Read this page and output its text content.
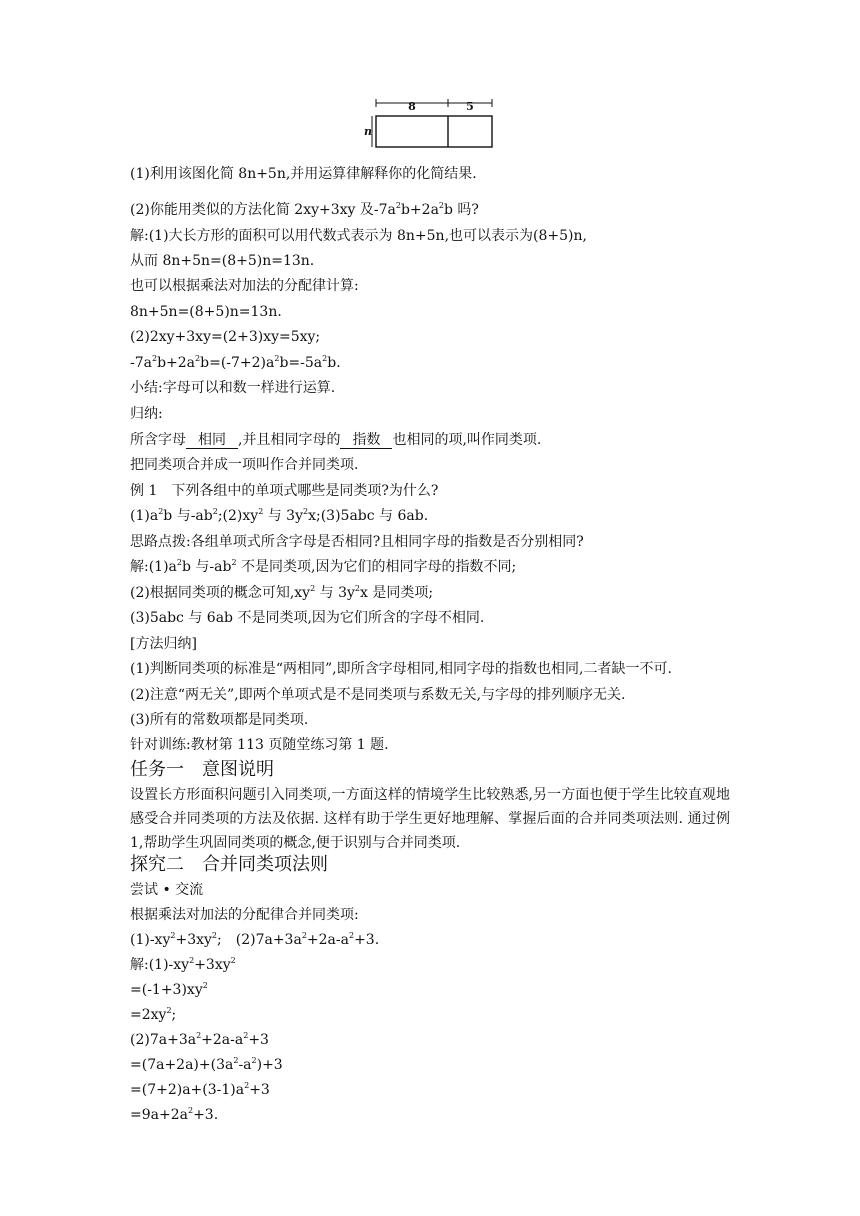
8	5
n
(1)利用该图化简 8n+5n,并用运算律解释你的化简结果.
(2)你能用类似的方法化简 2xy+3xy 及$-7a^2b+2a^2b$ 吗?
解:(1)大长方形的面积可以用代数式表示为 8n+5n,也可以表示为(8+5)n,
从而 8n+5n=(8+5)n=13n.
也可以根据乘法对加法的分配律计算:
8n+5n=(8+5)n=13n.
(2)2xy+3xy=(2+3)xy=5xy;
$-7a^2b+2a^2b=(-7+2)a^2b=-5a^2b$.
小结:字母可以和数一样进行运算.
归纳:
所含字母 相同 ,并且相同字母的 指数 也相同的项,叫作同类项.
把同类项合并成一项叫作合并同类项.
例 1　下列各组中的单项式哪些是同类项?为什么?
$(1)a^2b$ 与$-ab^2;(2)xy^2$ 与 $3y^2x;(3)5abc$ 与 6ab.
思路点拨:各组单项式所含字母是否相同?且相同字母的指数是否分别相同?
解$:(1)a^2b$ 与$-ab^2$ 不是同类项,因为它们的相同字母的指数不同;
(2)根据同类项的概念可知$,xy^2$ 与 $3y^2x$ 是同类项;
(3)5abc 与 6ab 不是同类项,因为它们所含的字母不相同.
[方法归纳]
(1)判断同类项的标准是“两相同”,即所含字母相同,相同字母的指数也相同,二者缺一不可.
(2)注意“两无关”,即两个单项式是不是同类项与系数无关,与字母的排列顺序无关.
(3)所有的常数项都是同类项.
针对训练:教材第 113 页随堂练习第 1 题.
任务一　意图说明
设置长方形面积问题引入同类项,一方面这样的情境学生比较熟悉,另一方面也便于学生比较直观地感受合并同类项的方法及依据. 这样有助于学生更好地理解、掌握后面的合并同类项法则. 通过例 1,帮助学生巩固同类项的概念,便于识别与合并同类项.
探究二　合并同类项法则
尝试 • 交流
根据乘法对加法的分配律合并同类项:
$(1)-xy^2+3xy^2$;　$(2)7a+3a^2+2a-a^2+3$.
解$:(1)-xy^2+3xy^2$
$=(-1+3)xy^2$
$=2xy^2$;
$(2)7a+3a^2+2a-a^2+3$
$=(7a+2a)+(3a^2-a^2)+3$
$=(7+2)a+(3-1)a^2+3$
$=9a+2a^2+3$.
